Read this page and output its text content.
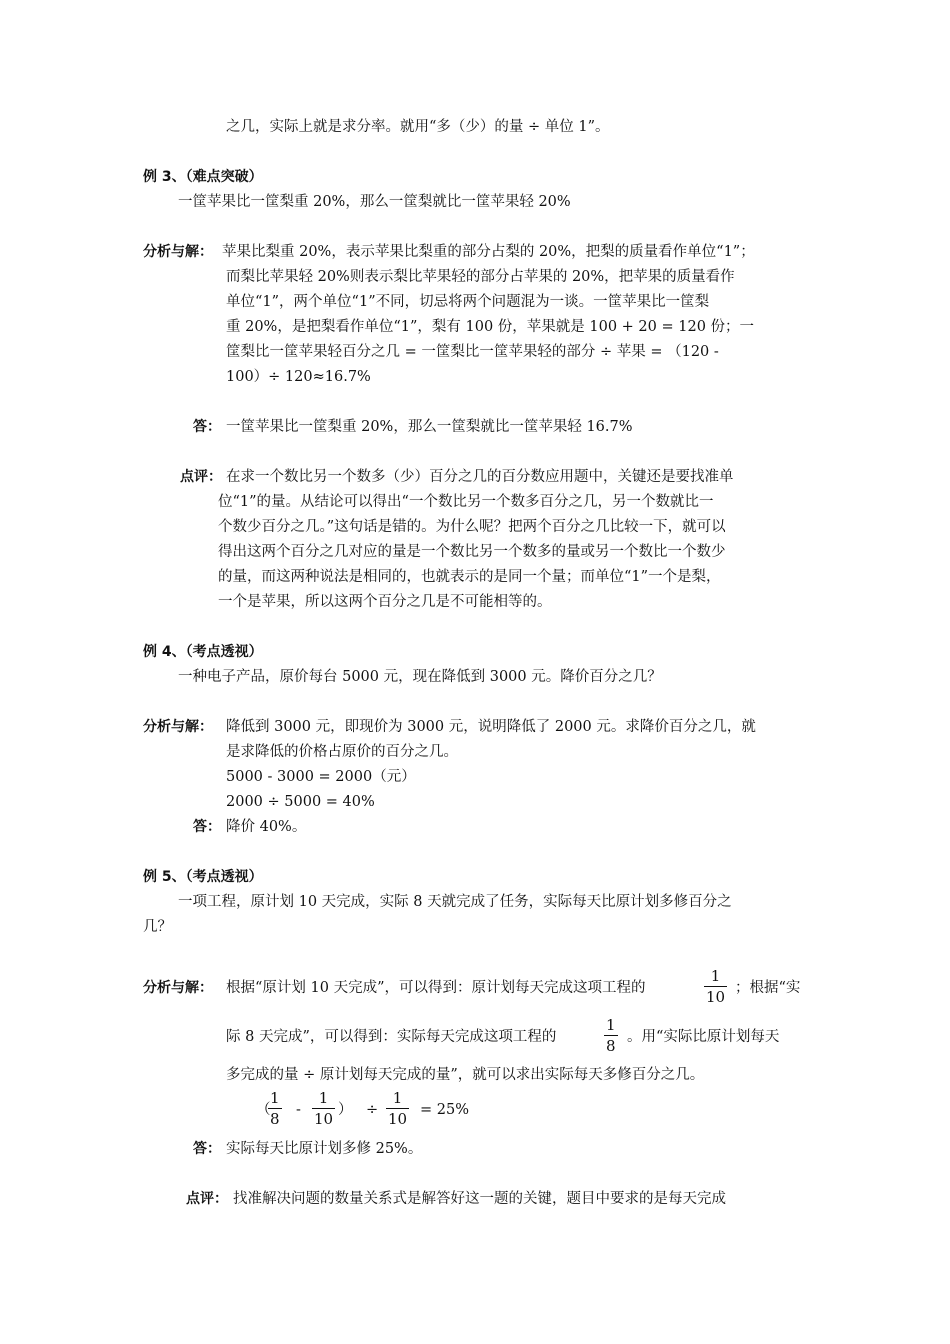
之几，实际上就是求分率。就用“多（少）的量 ÷ 单位 1”。
例 3、（难点突破）
一筐苹果比一筐梨重 20%，那么一筐梨就比一筐苹果轻 20%
分析与解： 苹果比梨重 20%，表示苹果比梨重的部分占梨的 20%，把梨的质量看作单位“1”；
而梨比苹果轻 20%则表示梨比苹果轻的部分占苹果的 20%，把苹果的质量看作
单位“1”，两个单位“1”不同，切忌将两个问题混为一谈。一筐苹果比一筐梨
重 20%，是把梨看作单位“1”，梨有 100 份，苹果就是 100 + 20 = 120 份；一
筐梨比一筐苹果轻百分之几 = 一筐梨比一筐苹果轻的部分 ÷ 苹果 = （120 -
100）÷ 120≈16.7%
答： 一筐苹果比一筐梨重 20%，那么一筐梨就比一筐苹果轻 16.7%
点评： 在求一个数比另一个数多（少）百分之几的百分数应用题中，关键还是要找准单
位“1”的量。从结论可以得出“一个数比另一个数多百分之几，另一个数就比一
个数少百分之几。”这句话是错的。为什么呢？把两个百分之几比较一下，就可以
得出这两个百分之几对应的量是一个数比另一个数多的量或另一个数比一个数少
的量，而这两种说法是相同的，也就表示的是同一个量；而单位“1”一个是梨，
一个是苹果，所以这两个百分之几是不可能相等的。
例 4、（考点透视）
一种电子产品，原价每台 5000 元，现在降低到 3000 元。降价百分之几？
分析与解： 降低到 3000 元，即现价为 3000 元，说明降低了 2000 元。求降价百分之几，就
是求降低的价格占原价的百分之几。
5000 - 3000 = 2000（元）
2000 ÷ 5000 = 40%
答： 降价 40%。
例 5、（考点透视）
一项工程，原计划 10 天完成，实际 8 天就完成了任务，实际每天比原计划多修百分之
几？
分析与解： 根据“原计划 10 天完成”，可以得到：原计划每天完成这项工程的
1
10 ；根据“实
际 8 天完成”，可以得到：实际每天完成这项工程的
1
8 。用“实际比原计划每天
多完成的量 ÷ 原计划每天完成的量”，就可以求出实际每天多修百分之几。
（
1
8 -
1
10 ） ÷
1
10 = 25%
答： 实际每天比原计划多修 25%。
点评： 找准解决问题的数量关系式是解答好这一题的关键，题目中要求的是每天完成
